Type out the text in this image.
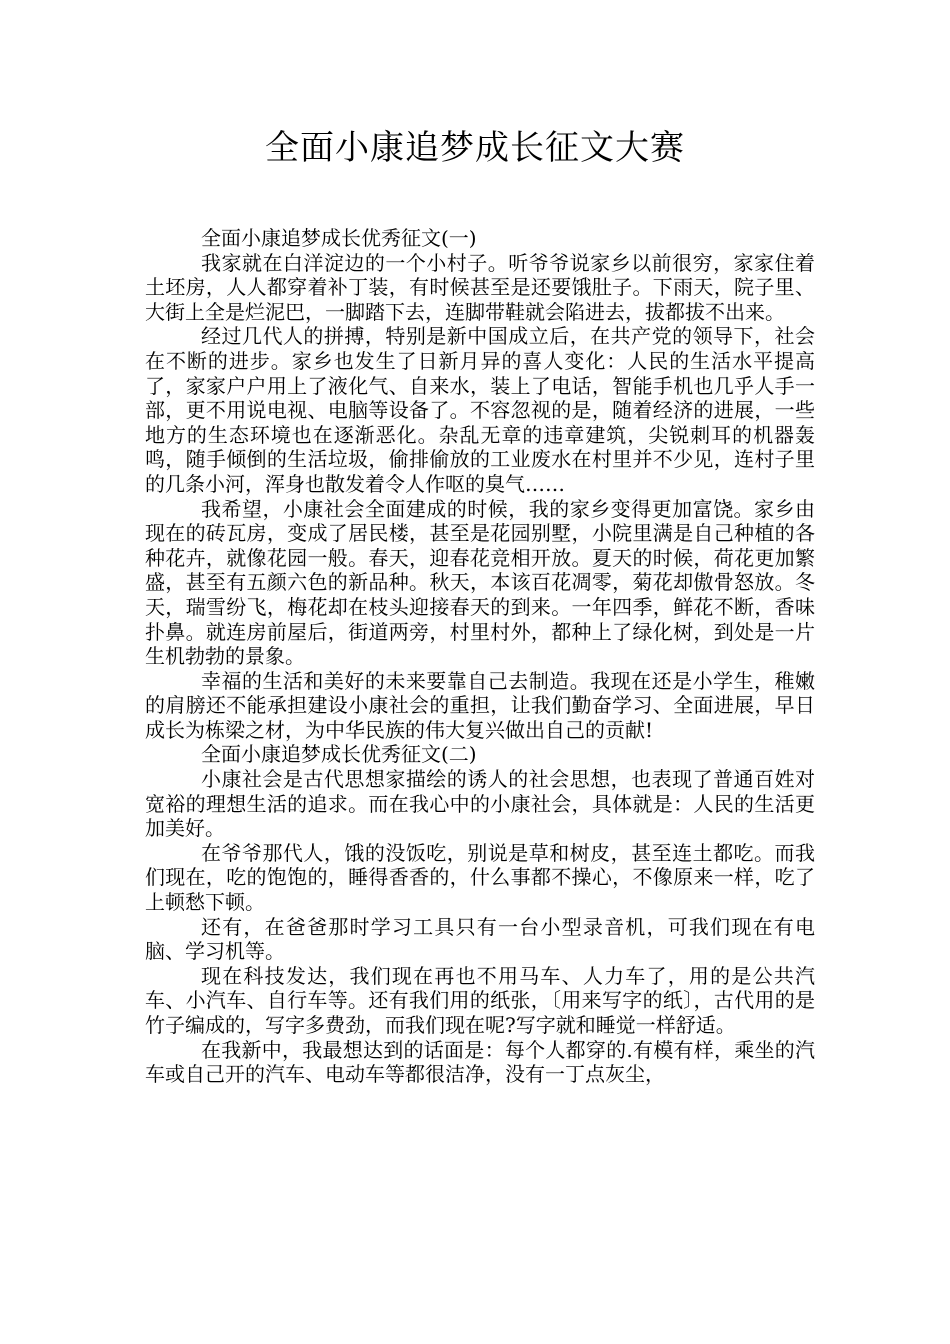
全面小康追梦成长征文大赛

全面小康追梦成长优秀征文(一)

我家就在白洋淀边的一个小村子。听爷爷说家乡以前很穷，家家住着土坯房，人人都穿着补丁装，有时候甚至是还要饿肚子。下雨天，院子里、大街上全是烂泥巴，一脚踏下去，连脚带鞋就会陷进去，拔都拔不出来。

经过几代人的拼搏，特别是新中国成立后，在共产党的领导下，社会在不断的进步。家乡也发生了日新月异的喜人变化：人民的生活水平提高了，家家户户用上了液化气、自来水，装上了电话，智能手机也几乎人手一部，更不用说电视、电脑等设备了。不容忽视的是，随着经济的进展，一些地方的生态环境也在逐渐恶化。杂乱无章的违章建筑，尖锐刺耳的机器轰鸣，随手倾倒的生活垃圾，偷排偷放的工业废水在村里并不少见，连村子里的几条小河，浑身也散发着令人作呕的臭气……

我希望，小康社会全面建成的时候，我的家乡变得更加富饶。家乡由现在的砖瓦房，变成了居民楼，甚至是花园别墅，小院里满是自己种植的各种花卉，就像花园一般。春天，迎春花竞相开放。夏天的时候，荷花更加繁盛，甚至有五颜六色的新品种。秋天，本该百花凋零，菊花却傲骨怒放。冬天，瑞雪纷飞，梅花却在枝头迎接春天的到来。一年四季，鲜花不断，香味扑鼻。就连房前屋后，街道两旁，村里村外，都种上了绿化树，到处是一片生机勃勃的景象。

幸福的生活和美好的未来要靠自己去制造。我现在还是小学生，稚嫩的肩膀还不能承担建设小康社会的重担，让我们勤奋学习、全面进展，早日成长为栋梁之材，为中华民族的伟大复兴做出自己的贡献!

全面小康追梦成长优秀征文(二)

小康社会是古代思想家描绘的诱人的社会思想，也表现了普通百姓对宽裕的理想生活的追求。而在我心中的小康社会，具体就是：人民的生活更加美好。

在爷爷那代人，饿的没饭吃，别说是草和树皮，甚至连土都吃。而我们现在，吃的饱饱的，睡得香香的，什么事都不操心，不像原来一样，吃了上顿愁下顿。

还有，在爸爸那时学习工具只有一台小型录音机，可我们现在有电脑、学习机等。

现在科技发达，我们现在再也不用马车、人力车了，用的是公共汽车、小汽车、自行车等。还有我们用的纸张，〔用来写字的纸〕，古代用的是竹子编成的，写字多费劲，而我们现在呢?写字就和睡觉一样舒适。

在我新中，我最想达到的话面是：每个人都穿的.有模有样，乘坐的汽车或自己开的汽车、电动车等都很洁净，没有一丁点灰尘，
